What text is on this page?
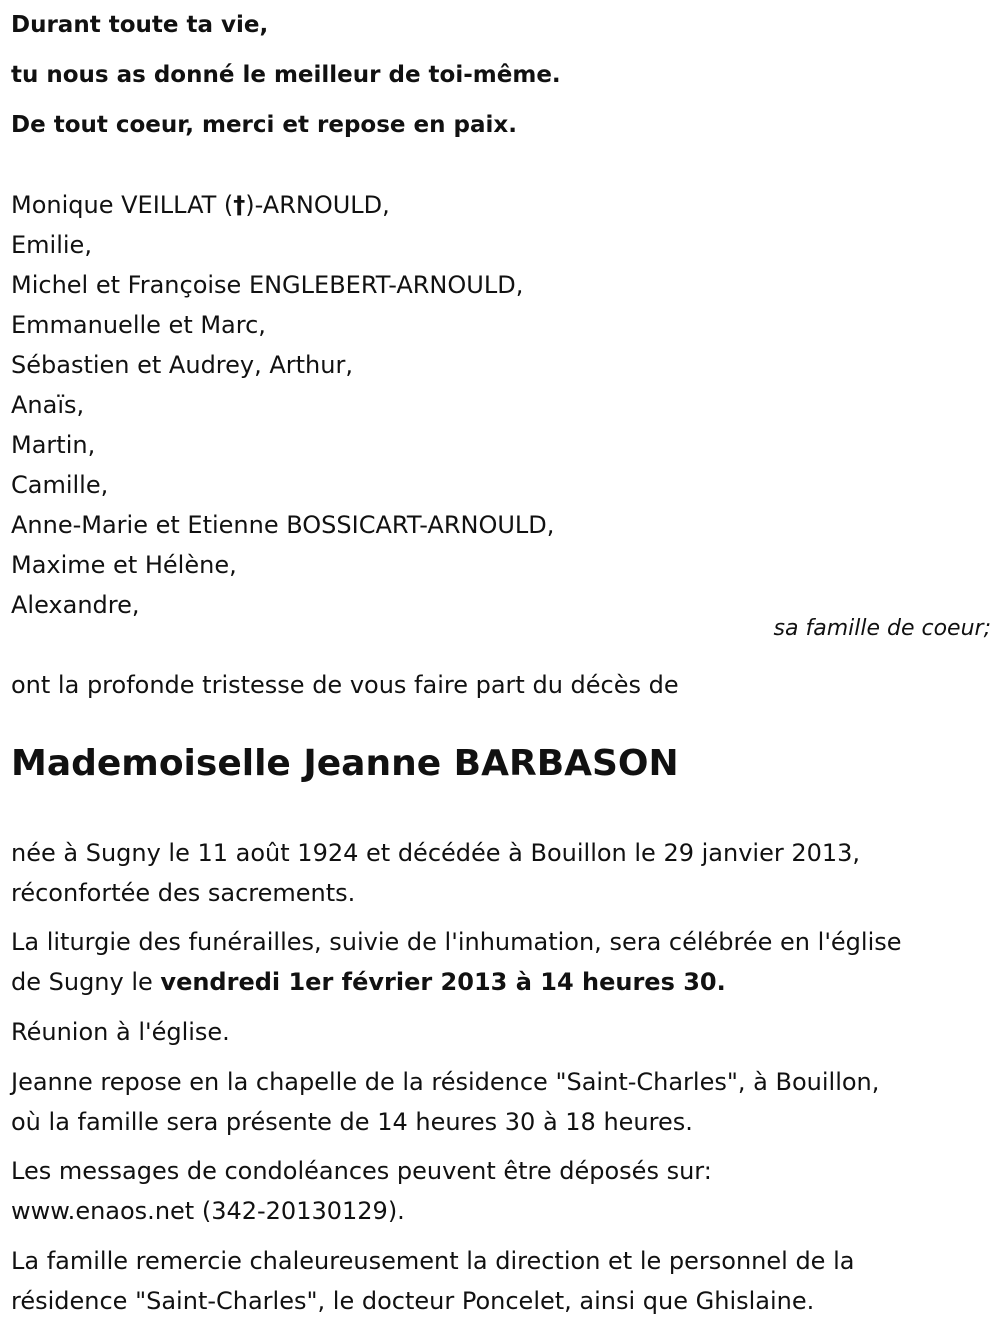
Durant toute ta vie,
tu nous as donné le meilleur de toi-même.
De tout coeur, merci et repose en paix.
Monique VEILLAT (†)-ARNOULD,
Emilie,
Michel et Françoise ENGLEBERT-ARNOULD,
Emmanuelle et Marc,
Sébastien et Audrey, Arthur,
Anaïs,
Martin,
Camille,
Anne-Marie et Etienne BOSSICART-ARNOULD,
Maxime et Hélène,
Alexandre,
sa famille de coeur;
ont la profonde tristesse de vous faire part du décès de
Mademoiselle Jeanne BARBASON
née à Sugny le 11 août 1924 et décédée à Bouillon le 29 janvier 2013,
réconfortée des sacrements.
La liturgie des funérailles, suivie de l'inhumation, sera célébrée en l'église
de Sugny le vendredi 1er février 2013 à 14 heures 30.
Réunion à l'église.
Jeanne repose en la chapelle de la résidence "Saint-Charles", à Bouillon,
où la famille sera présente de 14 heures 30 à 18 heures.
Les messages de condoléances peuvent être déposés sur:
www.enaos.net (342-20130129).
La famille remercie chaleureusement la direction et le personnel de la
résidence "Saint-Charles", le docteur Poncelet, ainsi que Ghislaine.
